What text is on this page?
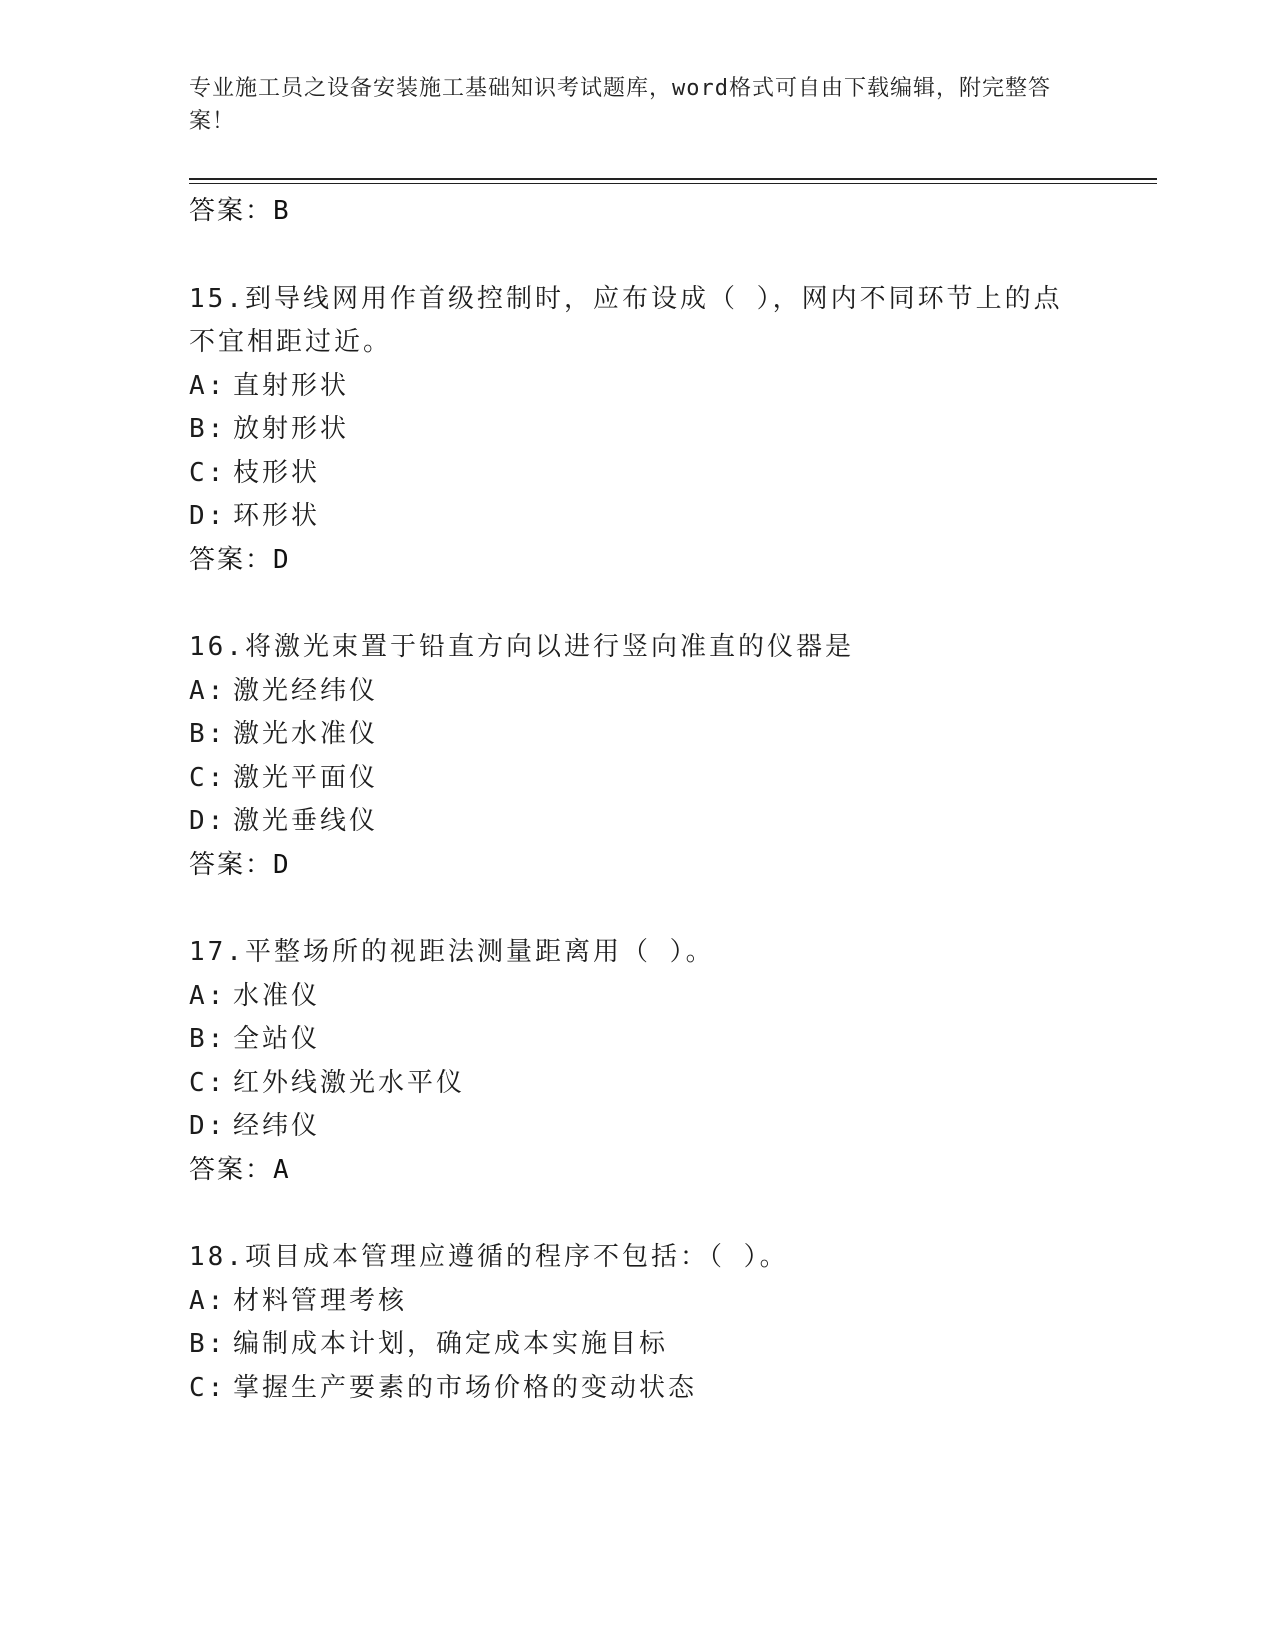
专业施工员之设备安装施工基础知识考试题库，word格式可自由下载编辑，附完整答案！
答案：B
15.到导线网用作首级控制时，应布设成（ ），网内不同环节上的点
不宜相距过近。
A: 直射形状
B: 放射形状
C: 枝形状
D: 环形状
答案：D
16.将激光束置于铅直方向以进行竖向准直的仪器是
A: 激光经纬仪
B: 激光水准仪
C: 激光平面仪
D: 激光垂线仪
答案：D
17.平整场所的视距法测量距离用（ ）。
A: 水准仪
B: 全站仪
C: 红外线激光水平仪
D: 经纬仪
答案：A
18.项目成本管理应遵循的程序不包括：（ ）。
A: 材料管理考核
B: 编制成本计划，确定成本实施目标
C: 掌握生产要素的市场价格的变动状态
